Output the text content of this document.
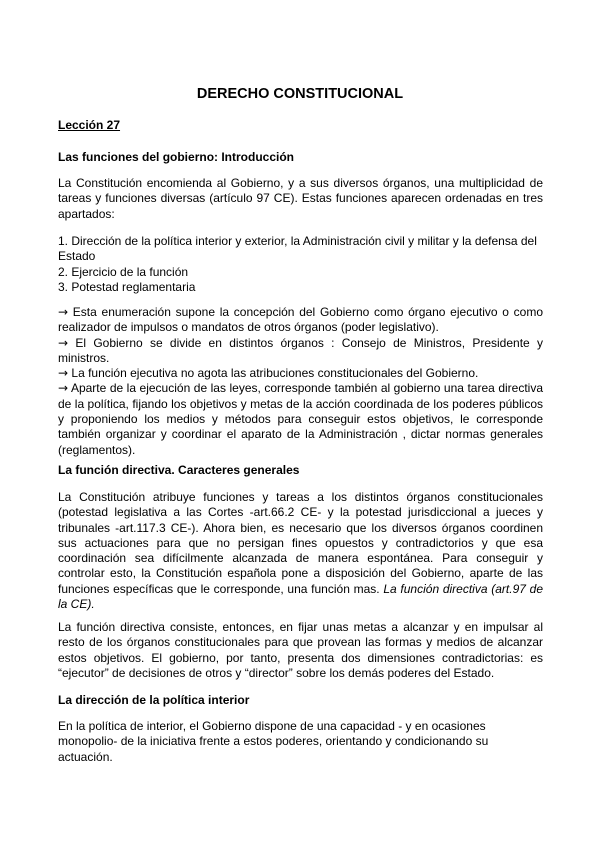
DERECHO CONSTITUCIONAL

Lección 27

Las funciones del gobierno: Introducción

La Constitución encomienda al Gobierno, y a sus diversos órganos, una multiplicidad de tareas y funciones diversas (artículo 97 CE). Estas funciones aparecen ordenadas en tres apartados:

1. Dirección de la política interior y exterior, la Administración civil y militar y la defensa del Estado
2. Ejercicio de la función
3. Potestad reglamentaria
→ Esta enumeración supone la concepción del Gobierno como órgano ejecutivo o como realizador de impulsos o mandatos de otros órganos (poder legislativo).
→ El Gobierno se divide en distintos órganos : Consejo de Ministros, Presidente y ministros.
→ La función ejecutiva no agota las atribuciones constitucionales del Gobierno.
→ Aparte de la ejecución de las leyes, corresponde también al gobierno una tarea directiva de la política, fijando los objetivos y metas de la acción coordinada de los poderes públicos y proponiendo los medios y métodos para conseguir estos objetivos, le corresponde también organizar y coordinar el aparato de la Administración , dictar normas generales (reglamentos).

La función directiva. Caracteres generales

La Constitución atribuye funciones y tareas a los distintos órganos constitucionales (potestad legislativa a las Cortes -art.66.2 CE- y la potestad jurisdiccional a jueces y tribunales -art.117.3 CE-). Ahora bien, es necesario que los diversos órganos coordinen sus actuaciones para que no persigan fines opuestos y contradictorios y que esa coordinación sea difícilmente alcanzada de manera espontánea. Para conseguir y controlar esto, la Constitución española pone a disposición del Gobierno, aparte de las funciones específicas que le corresponde, una función mas. La función directiva (art.97 de la CE).

La función directiva consiste, entonces, en fijar unas metas a alcanzar y en impulsar al resto de los órganos constitucionales para que provean las formas y medios de alcanzar estos objetivos. El gobierno, por tanto, presenta dos dimensiones contradictorias: es “ejecutor” de decisiones de otros y “director” sobre los demás poderes del Estado.

La dirección de la política interior

En la política de interior, el Gobierno dispone de una capacidad - y en ocasiones monopolio- de la iniciativa frente a estos poderes, orientando y condicionando su actuación.
